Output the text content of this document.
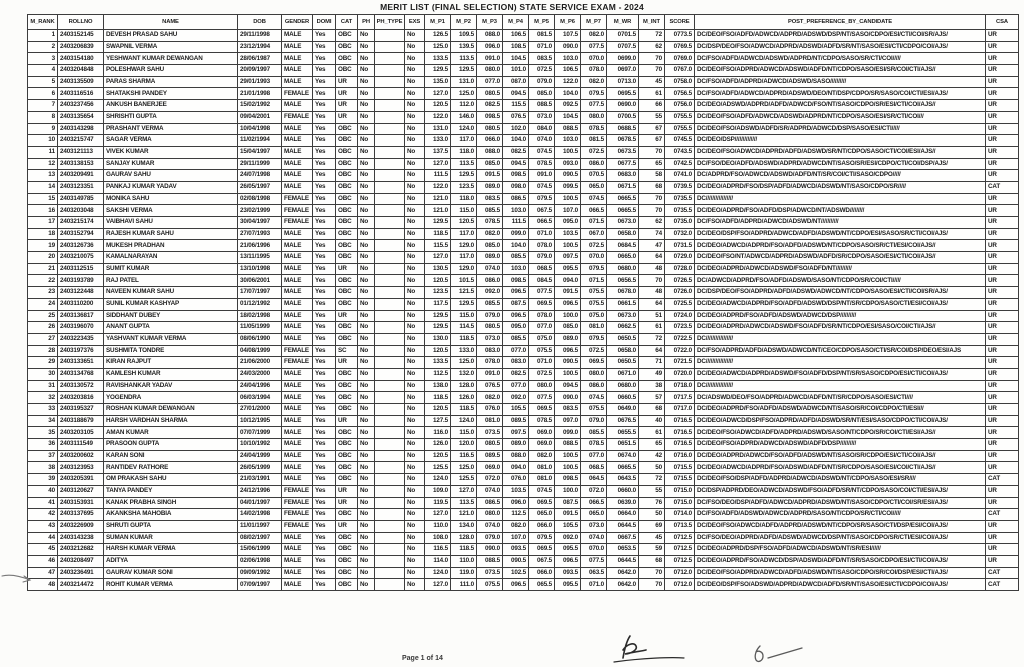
MERIT LIST (FINAL SELECTION) STATE SERVICE EXAM - 2024
M_RANK	ROLLNO	NAME	DOB	GENDER	DOMI	CAT	PH	PH_TYPE	EXS	M_P1	M_P2	M_P3	M_P4	M_P5	M_P6	M_P7	M_WR	M_INT	SCORE	POST_PREFERENCE_BY_CANDIDATE	CSA
1	2403152145	DEVESH PRASAD SAHU	29/11/1998	MALE	Yes	OBC	No		No	126.5	109.5	088.0	106.5	081.5	107.5	082.0	0701.5	72	0773.5	DC/DEO/FSO/ADFD/ADWCD/ADPRD/ADSWD/DSP/NT/SASO/CDPO/ESI/CTI/COI/SR/AJS/	UR
2	2403206839	SWAPNIL VERMA	23/12/1994	MALE	Yes	OBC	No		No	125.0	139.5	096.0	108.5	071.0	090.0	077.5	0707.5	62	0769.5	DC/DSP/DEO/FSO/ADWCD/ADPRD/ADSWD/ADFD/SR/NT/SASO/ESI/CTI/CDPO/COI/AJS/	UR
3	2403154180	YESHWANT KUMAR DEWANGAN	28/06/1987	MALE	Yes	OBC	No		No	133.5	113.5	091.0	104.5	083.5	103.0	070.0	0699.0	70	0769.0	DC/FSO/ADFD/ADWCD/ADSWD/ADPRD/NT/CDPO/SASO/SR/CTI/COI/////	UR
4	2403204848	POLESHWAR SAHU	20/09/1997	MALE	Yes	OBC	No		No	129.5	129.5	080.0	101.0	072.5	106.5	078.0	0697.0	70	0767.0	DC/DEO/FSO/ADPRD/ADWCD/ADSWD/ADFD/NT/CDPO/SASO/ESI/SR/COI/CTI/AJS//	UR
5	2403135509	PARAS SHARMA	29/01/1993	MALE	Yes	UR	No		No	135.0	131.0	077.0	087.0	079.0	122.0	082.0	0713.0	45	0758.0	DC/FSO/ADFD/ADPRD/ADWCD/ADSWD/SASO//////////	UR
6	2403116516	SHATAKSHI PANDEY	21/01/1998	FEMALE	Yes	UR	No		No	127.0	125.0	080.5	094.5	085.0	104.0	079.5	0695.5	61	0756.5	DC/FSO/ADFD/ADWCD/ADPRD/ADSWD/DEO/NT/DSP/CDPO/SR/SASO/COI/CTI/ESI/AJS/	UR
7	2403237456	ANKUSH BANERJEE	15/02/1992	MALE	Yes	UR	No		No	120.5	112.0	082.5	115.5	088.5	092.5	077.5	0690.0	66	0756.0	DC/DEO/ADSWD/ADPRD/ADFD/ADWCD/FSO/NT/SASO/CDPO/SR/ESI/CTI/COI/AJS//	UR
8	2403135654	SHRISHTI GUPTA	09/04/2001	FEMALE	Yes	UR	No		No	122.0	146.0	098.5	076.5	073.0	104.5	080.0	0700.5	55	0755.5	DC/DEO/FSO/ADFD/ADWCD/ADSWD/ADPRD/NT/CDPO/SASO/ESI/SR/CTI/COI///	UR
9	2403143298	PRASHANT VERMA	10/04/1998	MALE	Yes	OBC	No		No	131.0	124.0	080.5	102.0	084.0	088.5	078.5	0688.5	67	0755.5	DC/DEO/FSO/ADSWD/ADFD/SR/ADPRD/ADWCD/DSP/SASO/ESI/CTI/////	UR
10	2403215747	SAGAR VERMA	11/02/1994	MALE	Yes	OBC	No		No	133.0	117.0	066.0	104.0	074.0	103.0	081.5	0678.5	67	0745.5	DC/DEO/DSP//////////////	UR
11	2403121113	VIVEK KUMAR	15/04/1997	MALE	Yes	OBC	No		No	137.5	118.0	088.0	082.5	074.5	100.5	072.5	0673.5	70	0743.5	DC/DEO/FSO/ADWCD/ADPRD/ADFD/ADSWD/SR/NT/CDPO/SASO/CTI/COI/ESI/AJS//	UR
12	2403138153	SANJAY KUMAR	29/11/1999	MALE	Yes	OBC	No		No	127.0	113.5	085.0	094.5	078.5	093.0	086.0	0677.5	65	0742.5	DC/FSO/DEO/ADFD/ADSWD/ADPRD/ADWCD/NT/SASO/SR/ESI/CDPO/CTI/COI/DSP/AJS/	UR
13	2403209491	GAURAV SAHU	24/07/1998	MALE	Yes	OBC	No		No	111.5	129.5	091.5	098.5	091.0	090.5	070.5	0683.0	58	0741.0	DC/ADPRD/FSO/ADWCD/ADSWD/ADFD/NT/SR/COI/CTI/SASO/CDPO/////	UR
14	2403123351	PANKAJ KUMAR YADAV	26/05/1997	MALE	Yes	OBC	No		No	122.0	123.5	089.0	098.0	074.5	099.5	065.0	0671.5	68	0739.5	DC/DEO/ADPRD/FSO/DSP/ADFD/ADWCD/ADSWD/NT/SASO/CDPO/SR/////	CAT
15	2403149785	MONIKA SAHU	02/08/1998	FEMALE	Yes	OBC	No		No	121.0	118.0	083.5	086.5	079.5	100.5	074.5	0665.5	70	0735.5	DC/////////////////	UR
16	2403203048	SAKSHI VERMA	23/02/1999	FEMALE	Yes	OBC	No		No	121.0	115.0	085.5	103.0	067.5	107.0	066.5	0665.5	70	0735.5	DC/DEO/ADPRD/FSO/ADFD/DSP/ADWCD/NT/ADSWD/////////	UR
17	2403215174	VAIBHAVI SAHU	30/04/1997	FEMALE	Yes	OBC	No		No	129.5	120.5	078.5	111.5	066.5	095.0	071.5	0673.0	62	0735.0	DC/FSO/ADFD/ADPRD/ADWCD/ADSWD/NT///////////	UR
18	2403152794	RAJESH KUMAR SAHU	27/07/1993	MALE	Yes	OBC	No		No	118.5	117.0	082.0	099.0	071.0	103.5	067.0	0658.0	74	0732.0	DC/DEO/DSP/FSO/ADPRD/ADWCD/ADFD/ADSWD/NT/CDPO/ESI/SASO/SR/CTI/COI/AJS/	UR
19	2403126736	MUKESH PRADHAN	21/06/1996	MALE	Yes	OBC	No		No	115.5	129.0	085.0	104.0	078.0	100.5	072.5	0684.5	47	0731.5	DC/DEO/ADWCD/ADPRD/FSO/ADFD/ADSWD/NT/CDPO/SASO/SR/CTI/ESI/COI/AJS//	UR
20	2403210075	KAMALNARAYAN	13/11/1995	MALE	Yes	OBC	No		No	127.0	117.0	089.0	085.5	079.0	097.5	070.0	0665.0	64	0729.0	DC/DEO/FSO/NT/ADWCD/ADPRD/ADSWD/ADFD/SR/CDPO/SASO/ESI/CTI/COI/AJS//	UR
21	2403112515	SUMIT KUMAR	13/10/1998	MALE	Yes	UR	No		No	130.5	129.0	074.0	103.0	068.5	095.5	079.5	0680.0	48	0728.0	DC/DEO/ADPRD/ADWCD/ADSWD/FSO/ADFD/NT//////////	UR
22	2403193789	RAJ PATEL	30/06/2001	MALE	Yes	OBC	No		No	120.5	101.5	086.0	098.5	084.5	094.0	071.5	0656.5	70	0726.5	DC/ADWCD/ADPRD/FSO/ADFD/ADSWD/SASO/NT/CDPO/SR/COI/CTI/////	UR
23	2403122448	NAVEEN KUMAR SAHU	17/07/1997	MALE	Yes	OBC	No		No	123.5	121.5	092.0	096.5	077.5	091.5	075.5	0678.0	48	0726.0	DC/DSP/DEO/FSO/ADPRD/ADFD/ADSWD/ADWCD/NT/CDPO/SASO/ESI/CTI/COI/SR/AJS/	UR
24	2403110200	SUNIL KUMAR KASHYAP	01/12/1992	MALE	Yes	OBC	No		No	117.5	129.5	085.5	087.5	069.5	096.5	075.5	0661.5	64	0725.5	DC/DEO/ADWCD/ADPRD/FSO/ADFD/ADSWD/DSP/NT/SR/CDPO/SASO/CTI/ESI/COI/AJS/	UR
25	2403136817	SIDDHANT DUBEY	18/02/1998	MALE	Yes	UR	No		No	129.5	115.0	079.0	096.5	078.0	100.0	075.0	0673.0	51	0724.0	DC/DEO/ADPRD/FSO/ADFD/ADSWD/ADWCD/DSP//////////	UR
26	2403196070	ANANT GUPTA	11/05/1999	MALE	Yes	OBC	No		No	129.5	114.5	080.5	095.0	077.0	085.0	081.0	0662.5	61	0723.5	DC/DEO/ADPRD/ADWCD/ADSWD/FSO/ADFD/SR/NT/CDPO/ESI/SASO/COI/CTI/AJS//	UR
27	2403223435	YASHVANT KUMAR VERMA	08/06/1990	MALE	Yes	OBC	No		No	130.0	118.5	073.0	085.5	075.0	089.0	079.5	0650.5	72	0722.5	DC/////////////////	UR
28	2403197376	SUSHMITA TONDRE	04/08/1999	FEMALE	Yes	SC	No		No	120.5	133.0	083.0	077.0	075.5	096.5	072.5	0658.0	64	0722.0	DC/FSO/ADPRD/ADFD/ADSWD/ADWCD/NT/CEO/CDPO/SASO/CTI/SR/COI/DSP/DEO/ESI/AJS	UR
29	2403133651	KIRAN RAJPUT	21/06/2000	FEMALE	Yes	UR	No		No	133.5	125.0	078.0	083.0	071.0	090.5	069.5	0650.5	71	0721.5	DC/////////////////	UR
30	2403134768	KAMLESH KUMAR	24/03/2000	MALE	Yes	OBC	No		No	112.5	132.0	091.0	082.5	072.5	100.5	080.0	0671.0	49	0720.0	DC/DEO/ADWCD/ADPRD/ADSWD/FSO/ADFD/DSP/NT/SR/SASO/CDPO/ESI/CTI/COI/AJS/	UR
31	2403130572	RAVISHANKAR YADAV	24/04/1996	MALE	Yes	OBC	No		No	138.0	128.0	076.5	077.0	080.0	094.5	086.0	0680.0	38	0718.0	DC/////////////////	UR
32	2403203816	YOGENDRA	06/03/1994	MALE	Yes	OBC	No		No	118.5	126.0	082.0	092.0	077.5	090.0	074.5	0660.5	57	0717.5	DC/ADSWD/DEO/FSO/ADPRD/ADWCD/ADFD/NT/SR/CDPO/SASO/ESI/CTI////	UR
33	2403195327	ROSHAN KUMAR DEWANGAN	27/01/2000	MALE	Yes	OBC	No		No	120.5	118.5	076.0	105.5	069.5	083.5	075.5	0649.0	68	0717.0	DC/DEO/ADPRD/FSO/ADFD/ADSWD/ADWCD/NT/SASO/SR/COI/CDPO/CTI/ESI///	UR
34	2403188679	HARSH VARDHAN SHARMA	10/12/1995	MALE	Yes	UR	No		No	127.5	124.0	081.0	089.5	078.5	097.0	079.0	0676.5	40	0716.5	DC/DEO/ADWCD/DSP/FSO/ADPRD/ADFD/ADSWD/SR/NT/ESI/SASO/CDPO/CTI/COI/AJS/	UR
35	2403203105	AMAN KUMAR	07/07/1999	MALE	Yes	OBC	No		No	116.0	115.0	073.5	097.5	069.0	099.0	085.5	0655.5	61	0716.5	DC/DEO/FSO/ADWCD/ADFD/ADPRD/ADSWD/SASO/NT/CDPO/SR/COI/CTI/ESI/AJS//	UR
36	2403111549	PRASOON GUPTA	10/10/1992	MALE	Yes	OBC	No		No	126.0	120.0	080.5	089.0	069.0	088.5	078.5	0651.5	65	0716.5	DC/DEO/FSO/ADPRD/ADWCD/ADSWD/ADFD/DSP//////////	UR
37	2403200602	KARAN SONI	24/04/1999	MALE	Yes	OBC	No		No	120.5	116.5	089.5	088.0	082.0	100.5	077.0	0674.0	42	0716.0	DC/DEO/ADPRD/ADWCD/FSO/ADFD/ADSWD/NT/SASO/SR/CDPO/ESI/CTI/COI/AJS//	UR
38	2403123953	RANTIDEV RATHORE	26/05/1999	MALE	Yes	OBC	No		No	125.5	125.0	069.0	094.0	081.0	100.5	068.5	0665.5	50	0715.5	DC/DEO/ADWCD/ADPRD/FSO/ADSWD/ADFD/NT/SR/CDPO/SASO/ESI/COI/CTI/AJS//	UR
39	2403205391	OM PRAKASH SAHU	21/03/1991	MALE	Yes	OBC	No		No	124.0	125.5	072.0	076.0	081.0	098.5	064.5	0643.5	72	0715.5	DC/DEO/FSO/DSP/ADFD/ADPRD/ADWCD/ADSWD/NT/CDPO/SASO/ESI/SR////	CAT
40	2403120627	TANYA PANDEY	24/12/1996	FEMALE	Yes	UR	No		No	109.0	127.0	074.0	103.5	074.5	100.0	072.0	0660.0	55	0715.0	DC/DSP/ADPRD/DEO/ADWCD/ADSWD/FSO/ADFD/SR/NT/CDPO/SASO/COI/CTI/ESI/AJS/	UR
41	2403153931	KANAK PRABHA SINGH	04/01/1997	FEMALE	Yes	UR	No		No	119.5	113.5	086.5	096.0	069.5	087.5	066.5	0639.0	76	0715.0	DC/FSO/DEO/DSP/ADFD/ADWCD/ADPRD/ADSWD/NT/SASO/CDPO/CTI/COI/SR/ESI/AJS/	UR
42	2403137695	AKANKSHA MAHOBIA	14/02/1998	FEMALE	Yes	OBC	No		No	127.0	121.0	080.0	112.5	065.0	091.5	065.0	0664.0	50	0714.0	DC/FSO/ADFD/ADSWD/ADWCD/ADPRD/SASO/NT/CDPO/SR/CTI/COI/////	CAT
43	2403226909	SHRUTI GUPTA	11/01/1997	FEMALE	Yes	UR	No		No	110.0	134.0	074.0	082.0	066.0	105.5	073.0	0644.5	69	0713.5	DC/DEO/FSO/ADWCD/ADFD/ADPRD/ADSWD/NT/CDPO/SR/SASO/CTI/DSP/ESI/COI/AJS/	UR
44	2403143238	SUMAN KUMAR	08/02/1997	MALE	Yes	OBC	No		No	108.0	128.0	079.0	107.0	079.5	092.0	074.0	0667.5	45	0712.5	DC/FSO/DEO/ADPRD/ADFD/ADSWD/ADWCD/DSP/NT/SASO/CDPO/SR/CTI/ESI/COI/AJS/	UR
45	2403212682	HARSH KUMAR VERMA	15/06/1999	MALE	Yes	OBC	No		No	116.5	118.5	090.0	093.5	069.5	095.5	070.0	0653.5	59	0712.5	DC/DEO/ADPRD/DSP/FSO/ADFD/ADWCD/ADSWD/NT/SR/ESI//////	UR
46	2403208497	ADITYA	02/06/1998	MALE	Yes	OBC	No		No	114.0	110.0	088.5	090.5	067.5	096.5	077.5	0644.5	68	0712.5	DC/DEO/ADPRD/FSO/ADWCD/DSP/ADSWD/ADFD/NT/SR/SASO/CDPO/ESI/CTI/COI/AJS/	UR
47	2403236491	GAURAV KUMAR SONI	09/09/1992	MALE	Yes	OBC	No		No	124.0	119.0	073.5	102.5	066.0	093.5	063.5	0642.0	70	0712.0	DC/DEO/FSO/ADPRD/ADWCD/ADFD/ADSWD/NT/SASO/CDPO/SR/COI/DSP/ESI/CTI/AJS/	CAT
48	2403214472	ROHIT KUMAR VERMA	07/09/1997	MALE	Yes	OBC	No		No	127.0	111.0	075.5	096.5	065.5	095.5	071.0	0642.0	70	0712.0	DC/DEO/DSP/FSO/ADSWD/ADPRD/ADWCD/ADFD/SR/NT/SASO/ESI/CTI/CDPO/COI/AJS/	CAT
Page 1 of 14
